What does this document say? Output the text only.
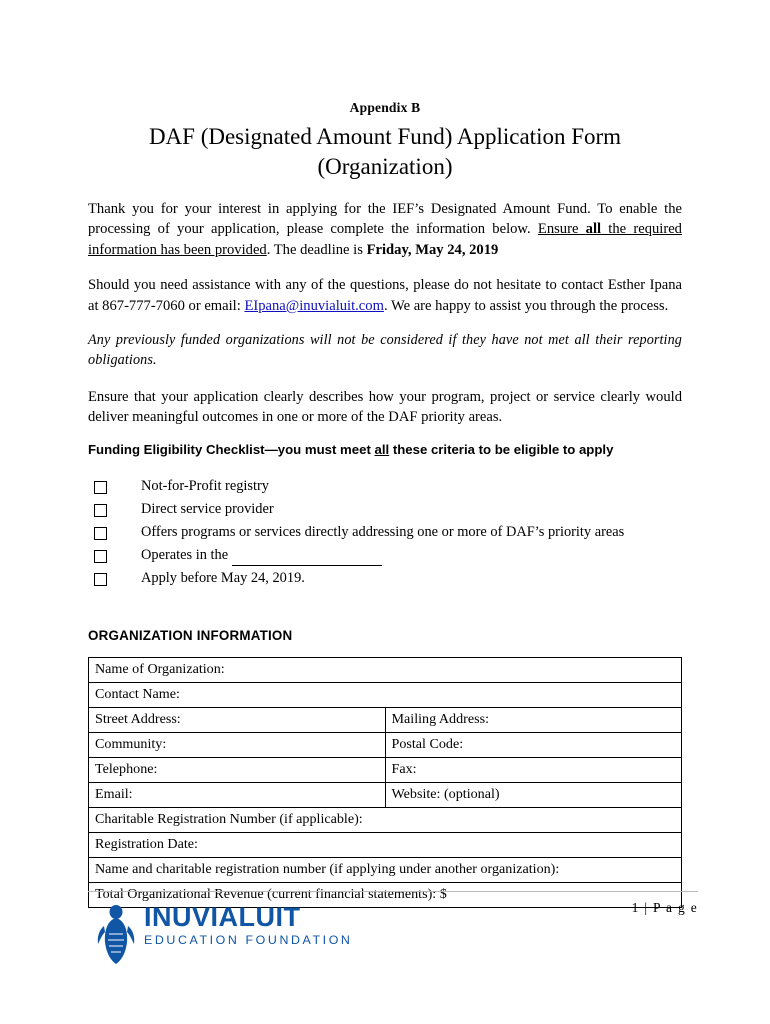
Appendix B
DAF (Designated Amount Fund) Application Form
(Organization)

Thank you for your interest in applying for the IEF’s Designated Amount Fund. To enable the processing of your application, please complete the information below. Ensure all the required information has been provided. The deadline is Friday, May 24, 2019

Should you need assistance with any of the questions, please do not hesitate to contact Esther Ipana at 867-777-7060 or email: EIpana@inuvialuit.com. We are happy to assist you through the process.

Any previously funded organizations will not be considered if they have not met all their reporting obligations.

Ensure that your application clearly describes how your program, project or service clearly would deliver meaningful outcomes in one or more of the DAF priority areas.

Funding Eligibility Checklist—you must meet all these criteria to be eligible to apply
Not-for-Profit registry
Direct service provider
Offers programs or services directly addressing one or more of DAF’s priority areas
Operates in the
Apply before May 24, 2019.
ORGANIZATION INFORMATION
Name of Organization:	
Contact Name:	
Street Address:	Mailing Address:
Community:	Postal Code:
Telephone:	Fax:
Email:	Website: (optional)
Charitable Registration Number (if applicable):	
Registration Date:	
Name and charitable registration number (if applying under another organization):	
Total Organizational Revenue (current financial statements): $	
1 | P a g e
INUVIALUIT
EDUCATION FOUNDATION
